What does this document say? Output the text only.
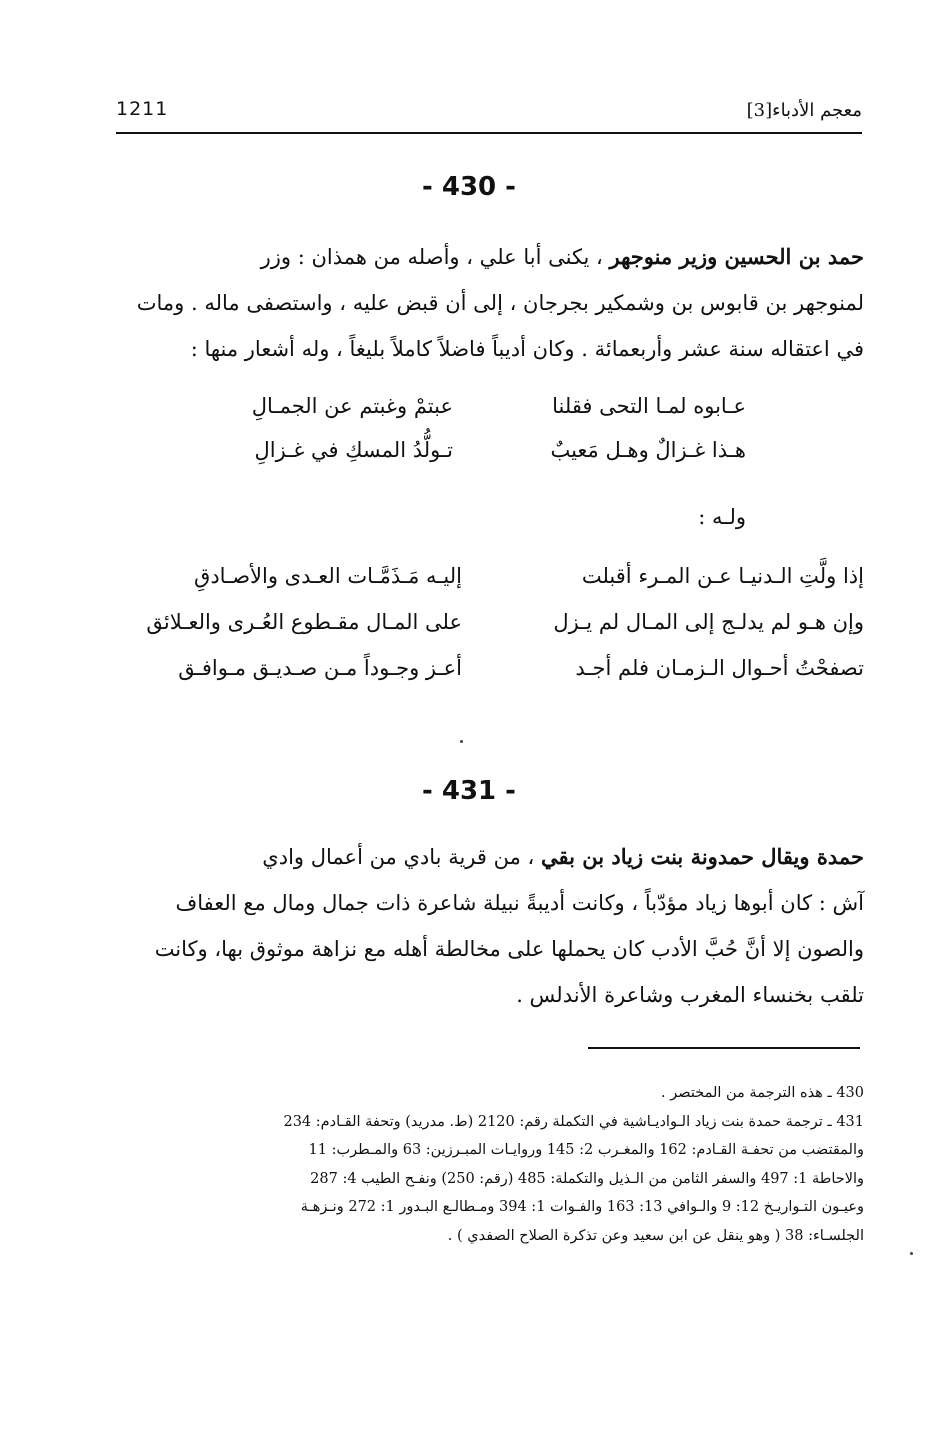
1211	معجم الأدباء[3]
- 430 -

حمد بن الحسين وزير منوجهر ، يكنى أبا علي ، وأصله من همذان : وزر

لمنوجهر بن قابوس بن وشمكير بجرجان ، إلى أن قبض عليه ، واستصفى ماله . ومات

في اعتقاله سنة عشر وأربعمائة . وكان أديباً فاضلاً كاملاً بليغاً ، وله أشعار منها :

عـابوه لمـا التحى فقلنا
عبتمْ وغبتم عن الجمـالِ
هـذا غـزالٌ وهـل مَعيبٌ
تـولُّدُ المسكِ في غـزالِ
ولـه :
إذا ولَّتِ الـدنيـا عـن المـرء أقبلت
إليـه مَـذَمَّـات العـدى والأصـادقِ
وإن هـو لم يدلـج إلى المـال لم يـزل
على المـال مقـطوع العُـرى والعـلائق
تصفحْتُ أحـوال الـزمـان فلم أجـد
أعـز وجـوداً مـن صـديـق مـوافـق
- 431 -

حمدة ويقال حمدونة بنت زياد بن بقي ، من قرية بادي من أعمال وادي

آش : كان أبوها زياد مؤدّباً ، وكانت أديبةً نبيلة شاعرة ذات جمال ومال مع العفاف

والصون إلا أنَّ حُبَّ الأدب كان يحملها على مخالطة أهله مع نزاهة موثوق بها، وكانت

تلقب بخنساء المغرب وشاعرة الأندلس .

430 ـ هذه الترجمة من المختصر .

431 ـ ترجمة حمدة بنت زياد الـواديـاشية في التكملة رقم: 2120 (ط. مدريد) وتحفة القـادم: 234

والمقتضب من تحفـة القـادم: 162 والمغـرب 2: 145 وروايـات المبـرزين: 63 والمـطرب: 11

والاحاطة 1: 497 والسفر الثامن من الـذيل والتكملة: 485 (رقم: 250) ونفـح الطيب 4: 287

وعيـون التـواريـخ 12: 9 والـوافي 13: 163 والفـوات 1: 394 ومـطالـع البـدور 1: 272 ونـزهـة

الجلسـاء: 38 ( وهو ينقل عن ابن سعيد وعن تذكرة الصلاح الصفدي ) .
